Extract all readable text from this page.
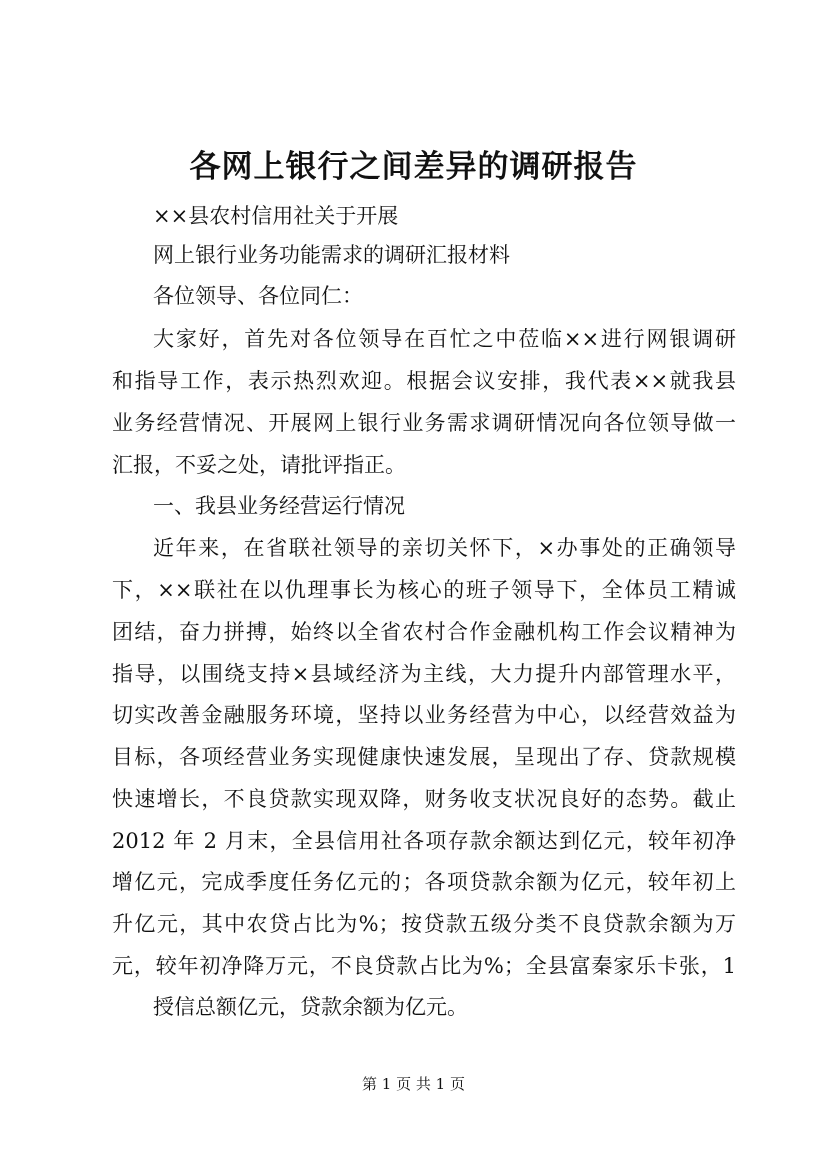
各网上银行之间差异的调研报告
××县农村信用社关于开展
网上银行业务功能需求的调研汇报材料
各位领导、各位同仁：
大家好，首先对各位领导在百忙之中莅临××进行网银调研
和指导工作，表示热烈欢迎。根据会议安排，我代表××就我县
业务经营情况、开展网上银行业务需求调研情况向各位领导做一
汇报，不妥之处，请批评指正。
一、我县业务经营运行情况
近年来，在省联社领导的亲切关怀下，×办事处的正确领导
下，××联社在以仇理事长为核心的班子领导下，全体员工精诚
团结，奋力拼搏，始终以全省农村合作金融机构工作会议精神为
指导，以围绕支持×县域经济为主线，大力提升内部管理水平，
切实改善金融服务环境，坚持以业务经营为中心，以经营效益为
目标，各项经营业务实现健康快速发展，呈现出了存、贷款规模
快速增长，不良贷款实现双降，财务收支状况良好的态势。截止
2012 年 2 月末，全县信用社各项存款余额达到亿元，较年初净
增亿元，完成季度任务亿元的；各项贷款余额为亿元，较年初上
升亿元，其中农贷占比为%；按贷款五级分类不良贷款余额为万
元，较年初净降万元，不良贷款占比为%；全县富秦家乐卡张，1
授信总额亿元，贷款余额为亿元。
第 1 页 共 1 页
